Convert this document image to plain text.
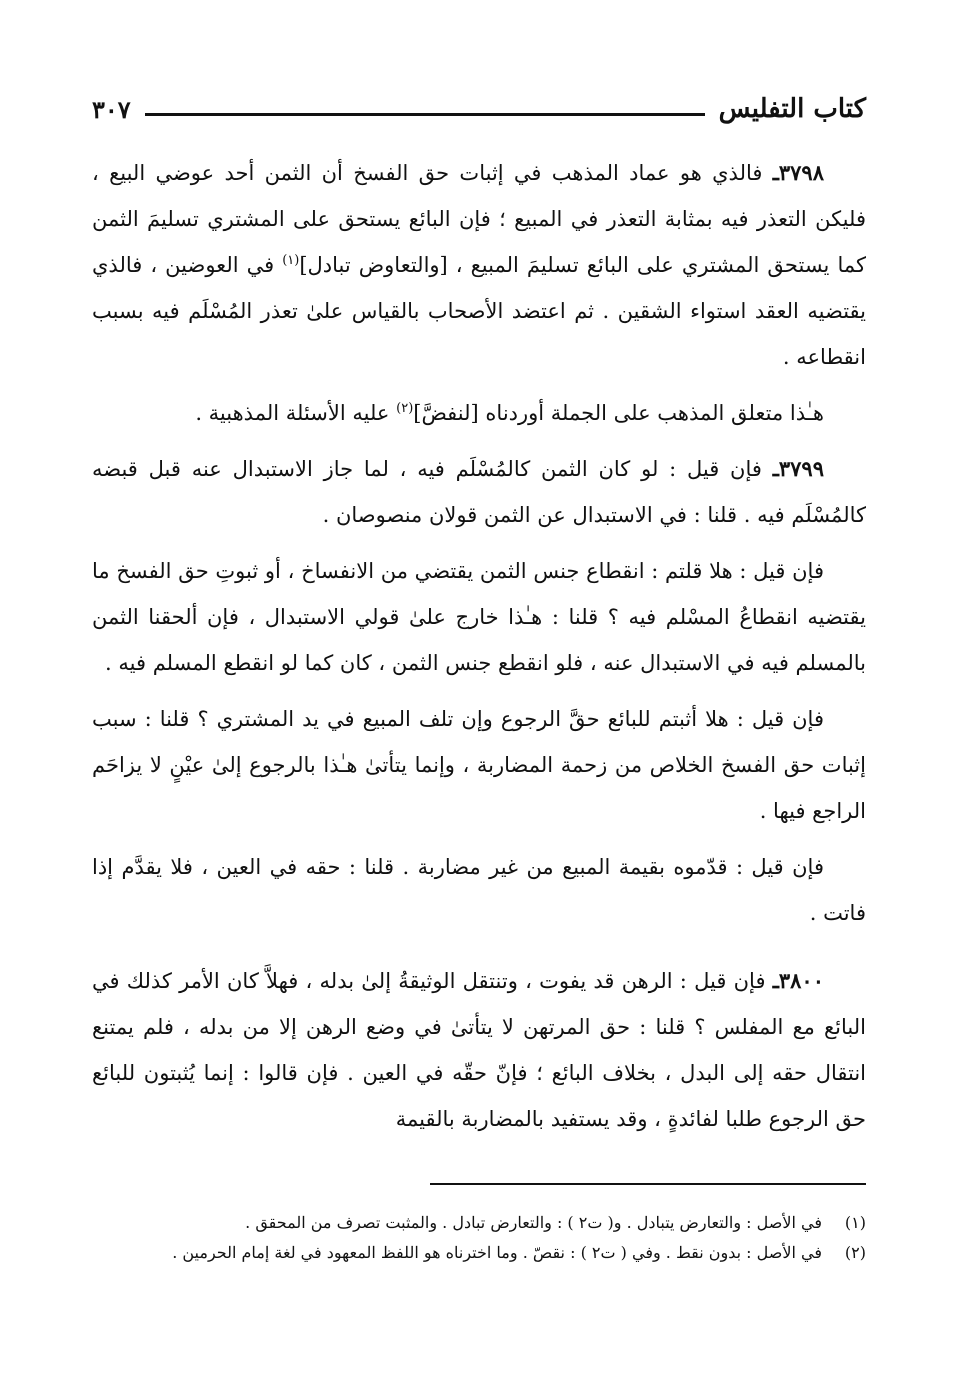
كتاب التفليس
٣٠٧

٣٧٩٨ـ فالذي هو عماد المذهب في إثبات حق الفسخ أن الثمن أحد عوضي البيع ، فليكن التعذر فيه بمثابة التعذر في المبيع ؛ فإن البائع يستحق على المشتري تسليمَ الثمن كما يستحق المشتري على البائع تسليمَ المبيع ، [والتعاوض تبادل]$^{(١)}$ في العوضين ، فالذي يقتضيه العقد استواء الشقين . ثم اعتضد الأصحاب بالقياس علىٰ تعذر المُسْلَم فيه بسبب انقطاعه .

هـٰذا متعلق المذهب على الجملة أوردناه [لنفضَّ]$^{(٢)}$ عليه الأسئلة المذهبية .

٣٧٩٩ـ فإن قيل : لو كان الثمن كالمُسْلَم فيه ، لما جاز الاستبدال عنه قبل قبضه كالمُسْلَم فيه . قلنا : في الاستبدال عن الثمن قولان منصوصان .

فإن قيل : هلا قلتم : انقطاع جنس الثمن يقتضي من الانفساخ ، أو ثبوتِ حق الفسخ ما يقتضيه انقطاعُ المسْلم فيه ؟ قلنا : هـٰذا خارج علىٰ قولي الاستبدال ، فإن ألحقنا الثمن بالمسلم فيه في الاستبدال عنه ، فلو انقطع جنس الثمن ، كان كما لو انقطع المسلم فيه .

فإن قيل : هلا أثبتم للبائع حقَّ الرجوع وإن تلف المبيع في يد المشتري ؟ قلنا : سبب إثبات حق الفسخ الخلاص من زحمة المضاربة ، وإنما يتأتىٰ هـٰذا بالرجوع إلىٰ عيْنٍ لا يزاحَم الراجع فيها .

فإن قيل : قدّموه بقيمة المبيع من غير مضاربة . قلنا : حقه في العين ، فلا يقدَّم إذا فاتت .

٣٨٠٠ـ فإن قيل : الرهن قد يفوت ، وتنتقل الوثيقةُ إلىٰ بدله ، فهلاَّ كان الأمر كذلك في البائع مع المفلس ؟ قلنا : حق المرتهن لا يتأتىٰ في وضع الرهن إلا من بدله ، فلم يمتنع انتقال حقه إلى البدل ، بخلاف البائع ؛ فإنّ حقّه في العين . فإن قالوا : إنما يُثبتون للبائع حق الرجوع طلبا لفائدةٍ ، وقد يستفيد بالمضاربة بالقيمة

(١)
في الأصل : والتعارض يتبادل . و( ت٢ ) : والتعارض تبادل . والمثبت تصرف من المحقق .
(٢)
في الأصل : بدون نقط . وفي ( ت٢ ) : نقصّ . وما اخترناه هو اللفظ المعهود في لغة إمام الحرمين .
